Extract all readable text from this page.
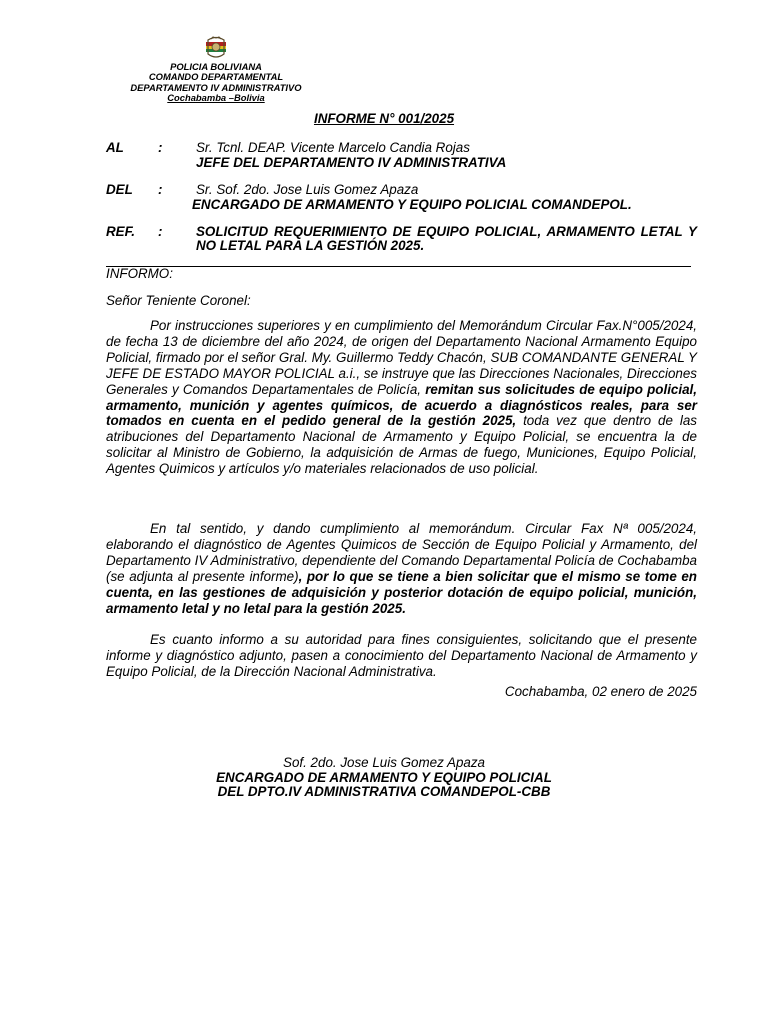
POLICIA BOLIVIANA
COMANDO DEPARTAMENTAL
DEPARTAMENTO IV ADMINISTRATIVO
Cochabamba –Bolivia
INFORME N° 001/2025
AL	:	Sr. Tcnl. DEAP. Vicente Marcelo Candia Rojas
JEFE DEL DEPARTAMENTO IV ADMINISTRATIVA
DEL	:	Sr. Sof. 2do. Jose Luis Gomez Apaza
ENCARGADO DE ARMAMENTO Y EQUIPO POLICIAL COMANDEPOL.
REF.	:	SOLICITUD REQUERIMIENTO DE EQUIPO POLICIAL, ARMAMENTO LETAL Y NO LETAL PARA LA GESTIÓN 2025.
INFORMO:
Señor Teniente Coronel:

Por instrucciones superiores y en cumplimiento del Memorándum Circular Fax.N°005/2024, de fecha 13 de diciembre del año 2024, de origen del Departamento Nacional Armamento Equipo Policial, firmado por el señor Gral. My. Guillermo Teddy Chacón, SUB COMANDANTE GENERAL Y JEFE DE ESTADO MAYOR POLICIAL a.i., se instruye que las Direcciones Nacionales, Direcciones Generales y Comandos Departamentales de Policía, remitan sus solicitudes de equipo policial, armamento, munición y agentes químicos, de acuerdo a diagnósticos reales, para ser tomados en cuenta en el pedido general de la gestión 2025, toda vez que dentro de las atribuciones del Departamento Nacional de Armamento y Equipo Policial, se encuentra la de solicitar al Ministro de Gobierno, la adquisición de Armas de fuego, Municiones, Equipo Policial, Agentes Quimicos y artículos y/o materiales relacionados de uso policial.

En tal sentido, y dando cumplimiento al memorándum. Circular Fax Nª 005/2024, elaborando el diagnóstico de Agentes Quimicos de Sección de Equipo Policial y Armamento, del Departamento IV Administrativo, dependiente del Comando Departamental Policía de Cochabamba (se adjunta al presente informe), por lo que se tiene a bien solicitar que el mismo se tome en cuenta, en las gestiones de adquisición y posterior dotación de equipo policial, munición, armamento letal y no letal para la gestión 2025.

Es cuanto informo a su autoridad para fines consiguientes, solicitando que el presente informe y diagnóstico adjunto, pasen a conocimiento del Departamento Nacional de Armamento y Equipo Policial, de la Dirección Nacional Administrativa.

Cochabamba, 02 enero de 2025
Sof. 2do. Jose Luis Gomez Apaza
ENCARGADO DE ARMAMENTO Y EQUIPO POLICIAL
DEL DPTO.IV ADMINISTRATIVA COMANDEPOL-CBB
